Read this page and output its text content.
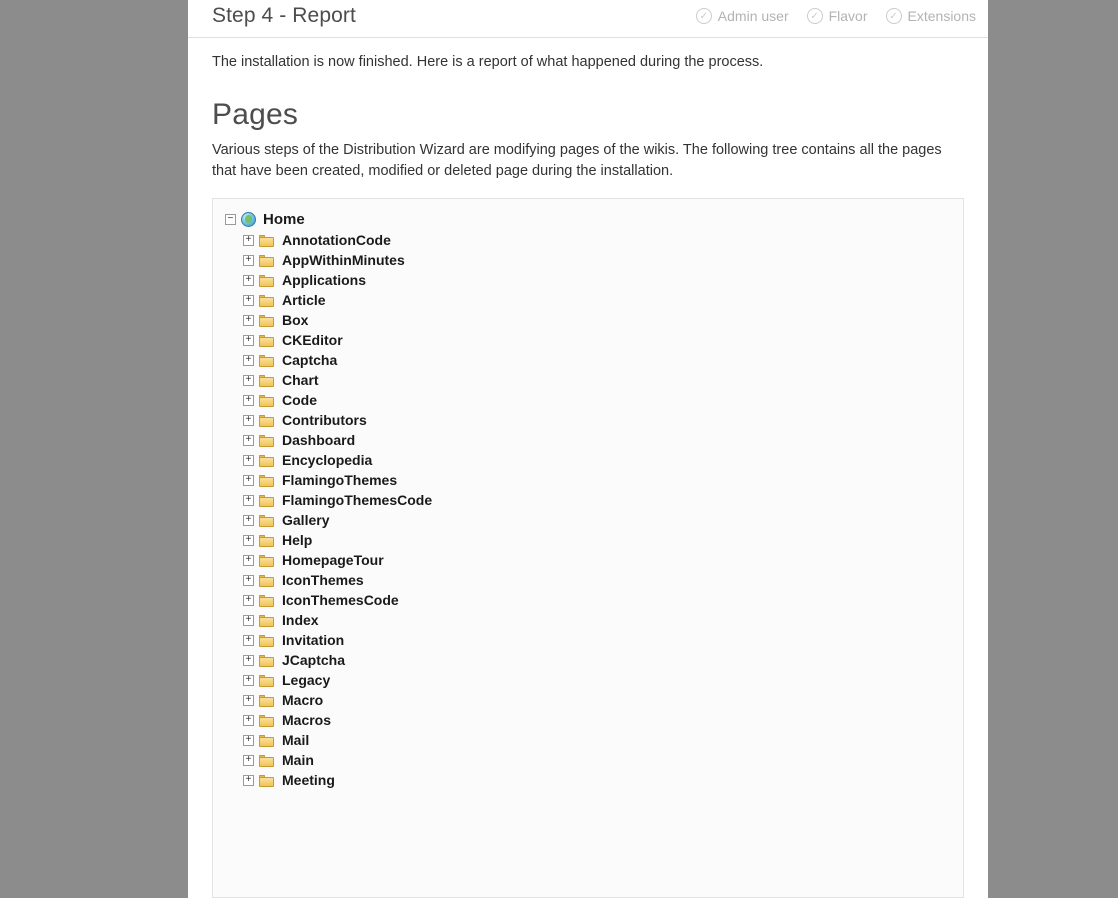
Step 4 - Report	✓ Admin user	✓ Flavor	✓ Extensions

The installation is now finished. Here is a report of what happened during the process.

Pages

Various steps of the Distribution Wizard are modifying pages of the wikis. The following tree contains all the pages that have been created, modified or deleted page during the installation.

− Home
+ AnnotationCode
+ AppWithinMinutes
+ Applications
+ Article
+ Box
+ CKEditor
+ Captcha
+ Chart
+ Code
+ Contributors
+ Dashboard
+ Encyclopedia
+ FlamingoThemes
+ FlamingoThemesCode
+ Gallery
+ Help
+ HomepageTour
+ IconThemes
+ IconThemesCode
+ Index
+ Invitation
+ JCaptcha
+ Legacy
+ Macro
+ Macros
+ Mail
+ Main
+ Meeting
